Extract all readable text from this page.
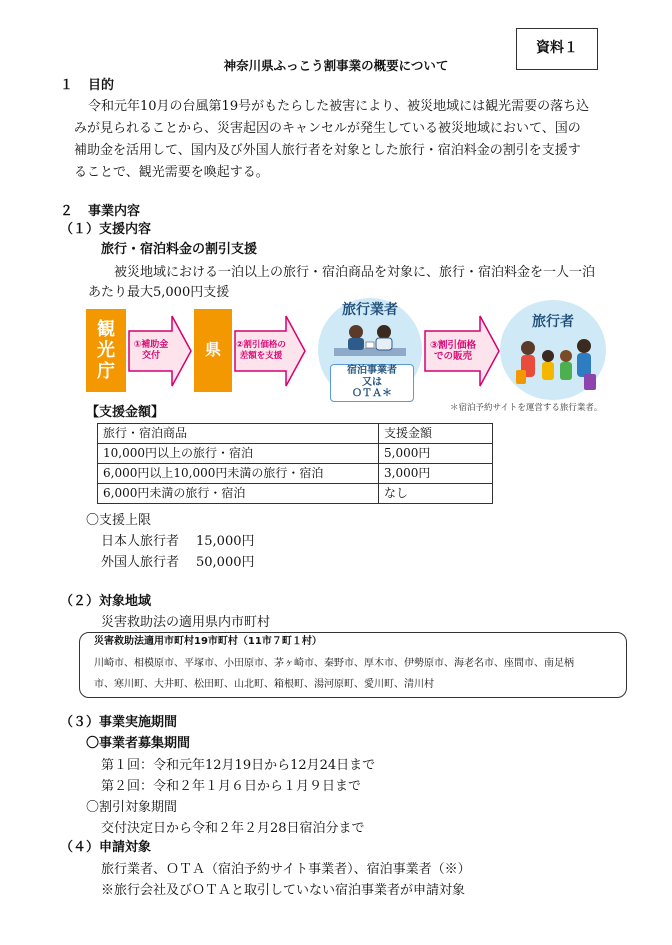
資料１
神奈川県ふっこう割事業の概要について
１ 目的
令和元年10月の台風第19号がもたらした被害により、被災地域には観光需要の落ち込
みが見られることから、災害起因のキャンセルが発生している被災地域において、国の
補助金を活用して、国内及び外国人旅行者を対象とした旅行・宿泊料金の割引を支援す
ることで、観光需要を喚起する。
２ 事業内容
（１）支援内容
旅行・宿泊料金の割引支援
被災地域における一泊以上の旅行・宿泊商品を対象に、旅行・宿泊料金を一人一泊
あたり最大5,000円支援
観
光
庁
①補助金
交付	県	②割引価格の
差額を支援
旅行業者
宿泊事業者
又は
ＯＴＡ＊
③割引価格
での販売
旅行者
＊宿泊予約サイトを運営する旅行業者。
【支援金額】
旅行・宿泊商品	支援金額
10,000円以上の旅行・宿泊	5,000円
6,000円以上10,000円未満の旅行・宿泊	3,000円
6,000円未満の旅行・宿泊	なし
〇支援上限
日本人旅行者 15,000円
外国人旅行者 50,000円
（２）対象地域
災害救助法の適用県内市町村
災害救助法適用市町村19市町村（11市７町１村）
川崎市、相模原市、平塚市、小田原市、茅ヶ崎市、秦野市、厚木市、伊勢原市、海老名市、座間市、南足柄
市、寒川町、大井町、松田町、山北町、箱根町、湯河原町、愛川町、清川村
（３）事業実施期間
〇事業者募集期間
第１回：令和元年12月19日から12月24日まで
第２回：令和２年１月６日から１月９日まで
〇割引対象期間
交付決定日から令和２年２月28日宿泊分まで
（４）申請対象
旅行業者、ＯＴＡ（宿泊予約サイト事業者）、宿泊事業者（※）
※旅行会社及びＯＴＡと取引していない宿泊事業者が申請対象
